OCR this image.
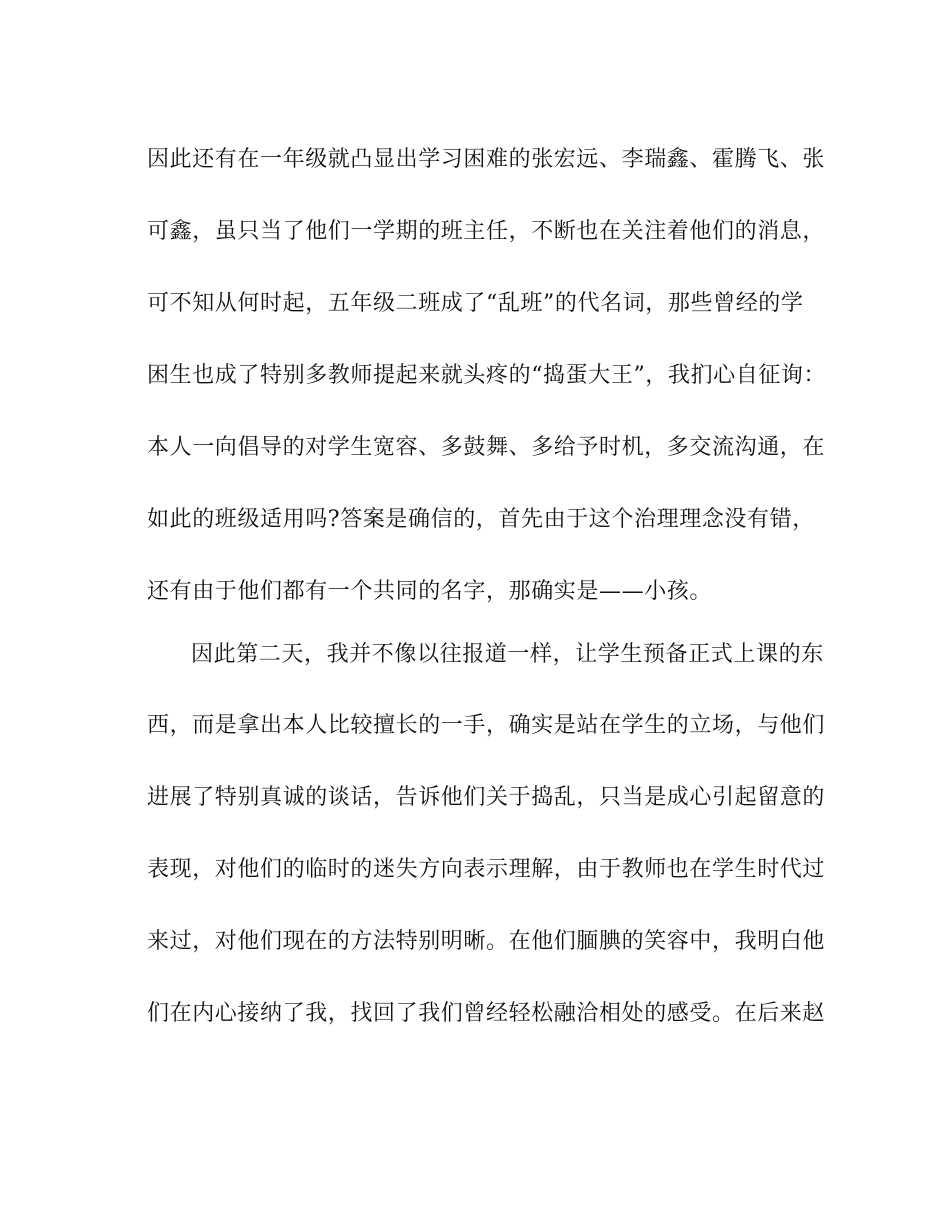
因此还有在一年级就凸显出学习困难的张宏远、李瑞鑫、霍腾飞、张
可鑫，虽只当了他们一学期的班主任，不断也在关注着他们的消息，
可不知从何时起，五年级二班成了“乱班”的代名词，那些曾经的学
困生也成了特别多教师提起来就头疼的“捣蛋大王”，我扪心自征询：
本人一向倡导的对学生宽容、多鼓舞、多给予时机，多交流沟通，在
如此的班级适用吗?答案是确信的，首先由于这个治理理念没有错，
还有由于他们都有一个共同的名字，那确实是——小孩。
因此第二天，我并不像以往报道一样，让学生预备正式上课的东
西，而是拿出本人比较擅长的一手，确实是站在学生的立场，与他们
进展了特别真诚的谈话，告诉他们关于捣乱，只当是成心引起留意的
表现，对他们的临时的迷失方向表示理解，由于教师也在学生时代过
来过，对他们现在的方法特别明晰。在他们腼腆的笑容中，我明白他
们在内心接纳了我，找回了我们曾经轻松融洽相处的感受。在后来赵
